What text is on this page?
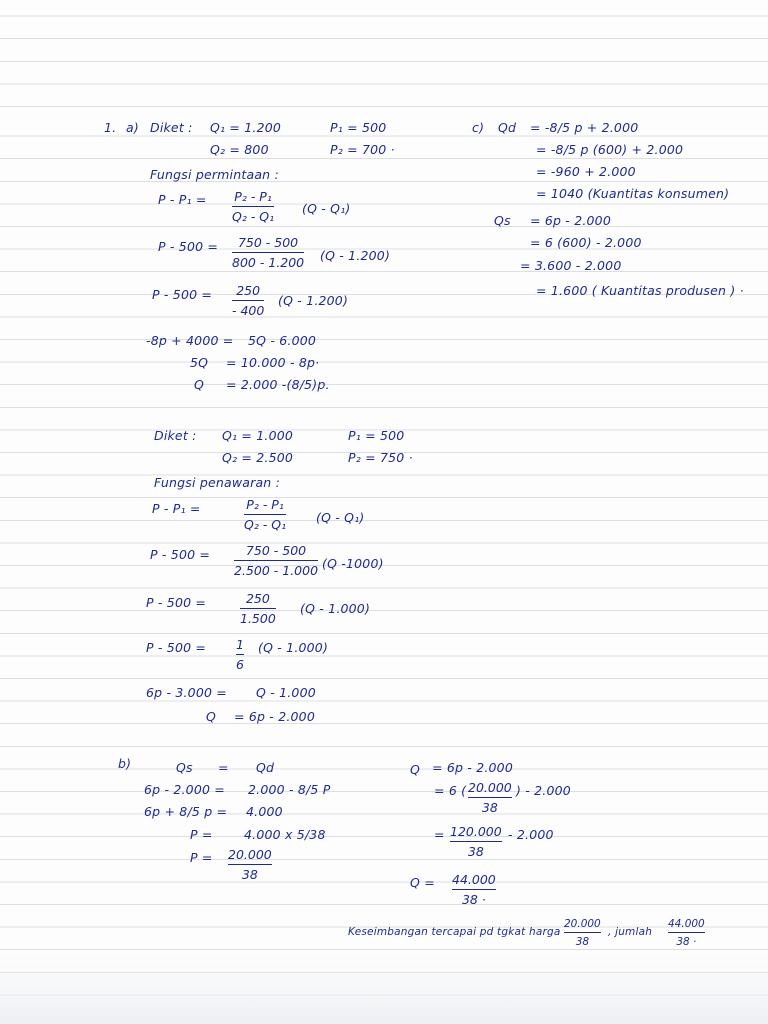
1. a) Diket : Q₁ = 1.200	P₁ = 500
Q₂ = 800	P₂ = 700 ·
Fungsi permintaan :
P - P₁ = P₂ - P₁
Q₂ - Q₁
(Q - Q₁)
P - 500 = 750 - 500
800 - 1.200 (Q - 1.200)
P - 500 = 250
- 400
(Q - 1.200)
-8p + 4000 = 5Q - 6.000
5Q = 10.000 - 8p·
Q = 2.000 -(8/5)p.
c) Qd = -8/5 p + 2.000
= -8/5 p (600) + 2.000
= -960 + 2.000
= 1040 (Kuantitas konsumen)
Qs = 6p - 2.000
= 6 (600) - 2.000
= 3.600 - 2.000
= 1.600 ( Kuantitas produsen ) ·
Diket : Q₁ = 1.000	P₁ = 500
Q₂ = 2.500	P₂ = 750 ·
Fungsi penawaran :
P - P₁ =	P₂ - P₁
Q₂ - Q₁ (Q - Q₁)
P - 500 =	750 - 500
2.500 - 1.000 (Q -1000)
P - 500 =	250
1.500
(Q - 1.000)
P - 500 = 1
6
(Q - 1.000)
6p - 3.000 = Q - 1.000
Q = 6p - 2.000
b)	Qs = Qd
6p - 2.000 = 2.000 - 8/5 P
6p + 8/5 p = 4.000
P =	4.000 x 5/38
P = 20.000
38
Q = 6p - 2.000
= 6 ( 20.000
38
) - 2.000
= 120.000
38
- 2.000
Q = 44.000
38 ·
Keseimbangan tercapai pd tgkat harga
20.000
38
, jumlah
44.000
38 ·
